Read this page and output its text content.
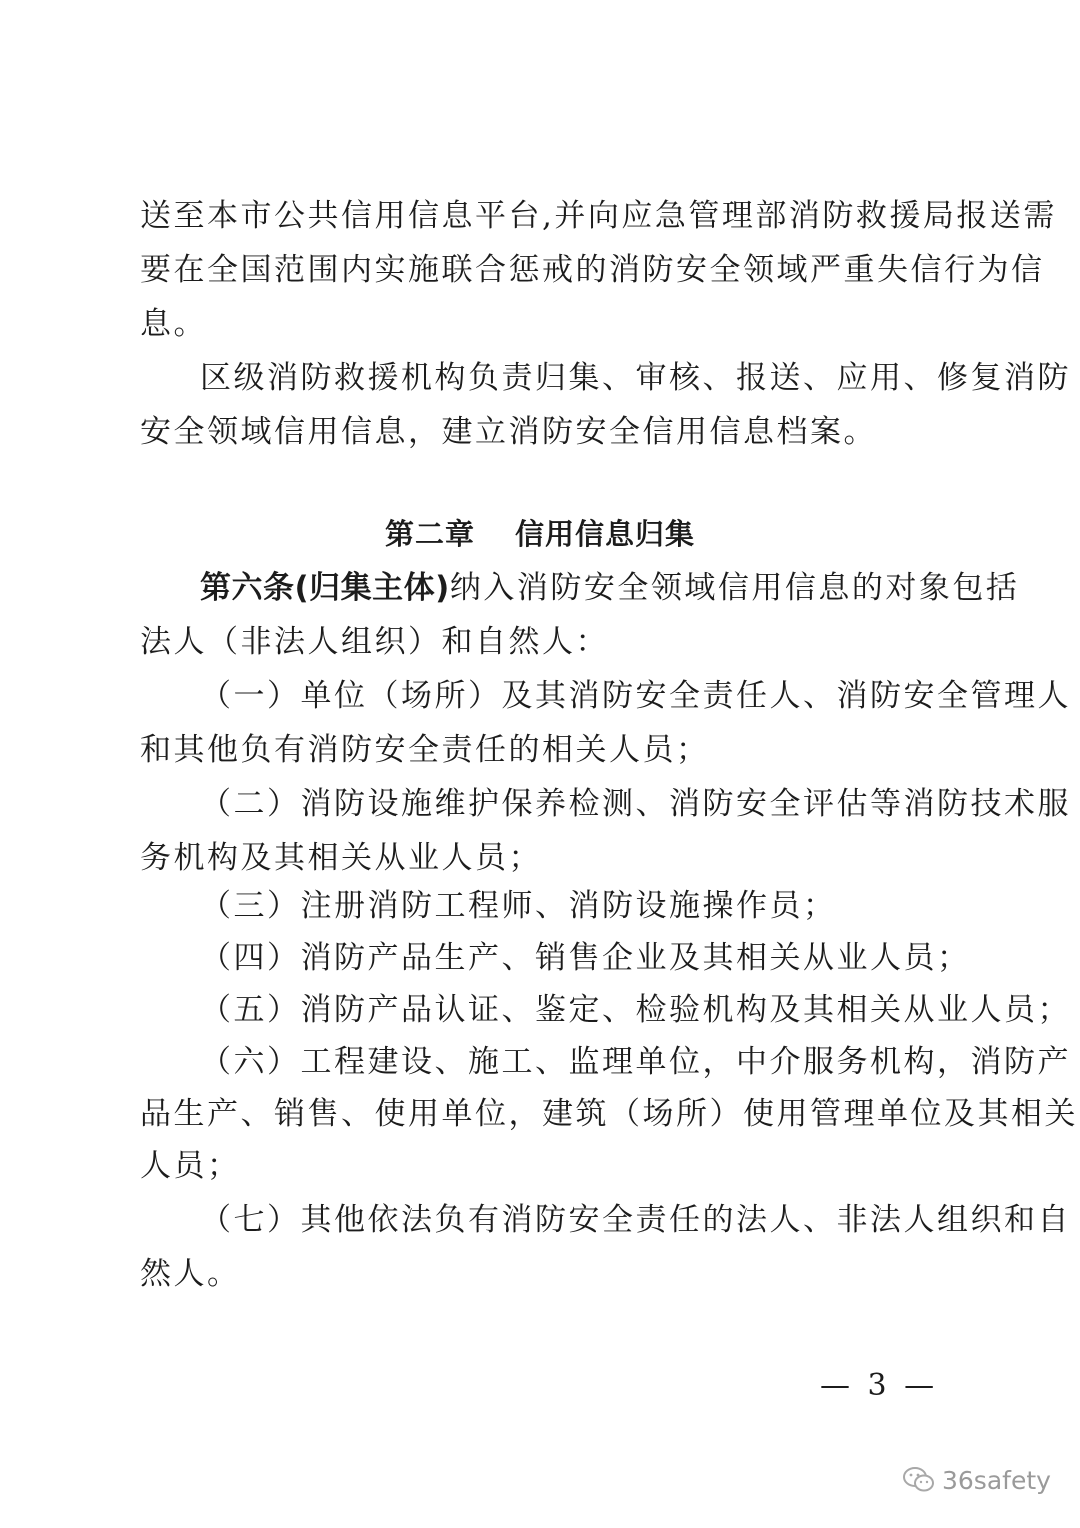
送至本市公共信用信息平台,并向应急管理部消防救援局报送需
要在全国范围内实施联合惩戒的消防安全领域严重失信行为信
息。
区级消防救援机构负责归集、审核、报送、应用、修复消防
安全领域信用信息，建立消防安全信用信息档案。
第二章 信用信息归集
第六条(归集主体)纳入消防安全领域信用信息的对象包括
法人（非法人组织）和自然人：
（一）单位（场所）及其消防安全责任人、消防安全管理人
和其他负有消防安全责任的相关人员；
（二）消防设施维护保养检测、消防安全评估等消防技术服
务机构及其相关从业人员；
（三）注册消防工程师、消防设施操作员；
（四）消防产品生产、销售企业及其相关从业人员；
（五）消防产品认证、鉴定、检验机构及其相关从业人员；
（六）工程建设、施工、监理单位，中介服务机构，消防产
品生产、销售、使用单位，建筑（场所）使用管理单位及其相关
人员；
（七）其他依法负有消防安全责任的法人、非法人组织和自
然人。
— 3 —
36safety
